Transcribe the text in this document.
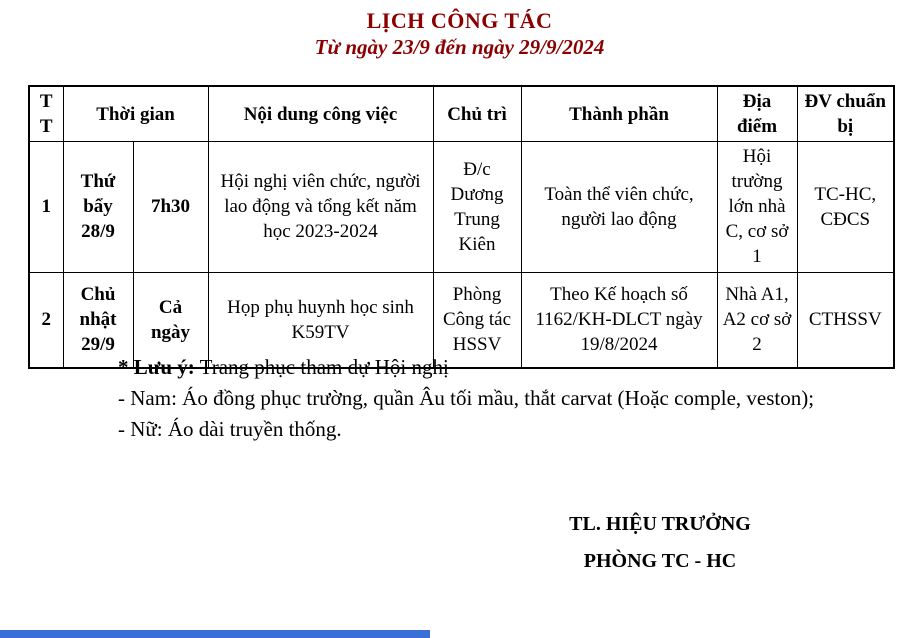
LỊCH CÔNG TÁC
Từ ngày 23/9 đến ngày 29/9/2024
T T	Thời gian		Nội dung công việc	Chủ trì	Thành phần	Địa điểm	ĐV chuẩn bị
1	Thứ bẩy 28/9	7h30	Hội nghị viên chức, người lao động và tổng kết năm học 2023-2024	Đ/c Dương Trung Kiên	Toàn thể viên chức, người lao động	Hội trường lớn nhà C, cơ sở 1	TC-HC, CĐCS
2	Chủ nhật 29/9	Cả ngày	Họp phụ huynh học sinh K59TV	Phòng Công tác HSSV	Theo Kế hoạch số 1162/KH-DLCT ngày 19/8/2024	Nhà A1, A2 cơ sở 2	CTHSSV

* Lưu ý: Trang phục tham dự Hội nghị

- Nam: Áo đồng phục trường, quần Âu tối mầu, thắt carvat (Hoặc comple, veston);

- Nữ: Áo dài truyền thống.

TL. HIỆU TRƯỞNG
PHÒNG TC - HC
